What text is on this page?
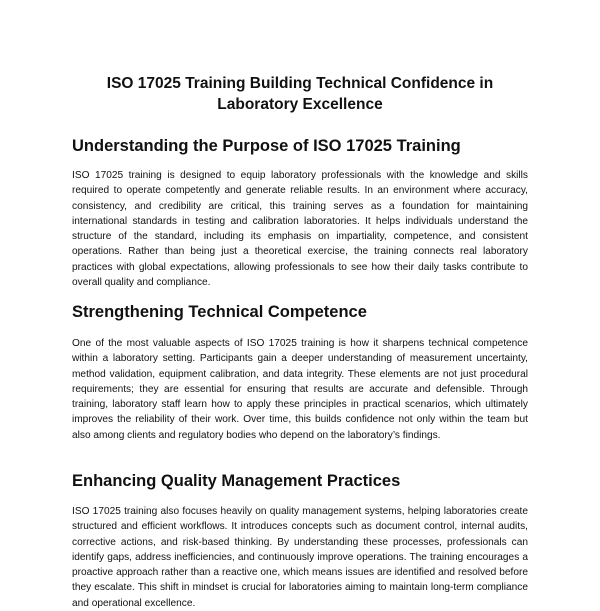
ISO 17025 Training Building Technical Confidence in Laboratory Excellence
Understanding the Purpose of ISO 17025 Training

ISO 17025 training is designed to equip laboratory professionals with the knowledge and skills required to operate competently and generate reliable results. In an environment where accuracy, consistency, and credibility are critical, this training serves as a foundation for maintaining international standards in testing and calibration laboratories. It helps individuals understand the structure of the standard, including its emphasis on impartiality, competence, and consistent operations. Rather than being just a theoretical exercise, the training connects real laboratory practices with global expectations, allowing professionals to see how their daily tasks contribute to overall quality and compliance.

Strengthening Technical Competence

One of the most valuable aspects of ISO 17025 training is how it sharpens technical competence within a laboratory setting. Participants gain a deeper understanding of measurement uncertainty, method validation, equipment calibration, and data integrity. These elements are not just procedural requirements; they are essential for ensuring that results are accurate and defensible. Through training, laboratory staff learn how to apply these principles in practical scenarios, which ultimately improves the reliability of their work. Over time, this builds confidence not only within the team but also among clients and regulatory bodies who depend on the laboratory’s findings.

Enhancing Quality Management Practices

ISO 17025 training also focuses heavily on quality management systems, helping laboratories create structured and efficient workflows. It introduces concepts such as document control, internal audits, corrective actions, and risk-based thinking. By understanding these processes, professionals can identify gaps, address inefficiencies, and continuously improve operations. The training encourages a proactive approach rather than a reactive one, which means issues are identified and resolved before they escalate. This shift in mindset is crucial for laboratories aiming to maintain long-term compliance and operational excellence.
